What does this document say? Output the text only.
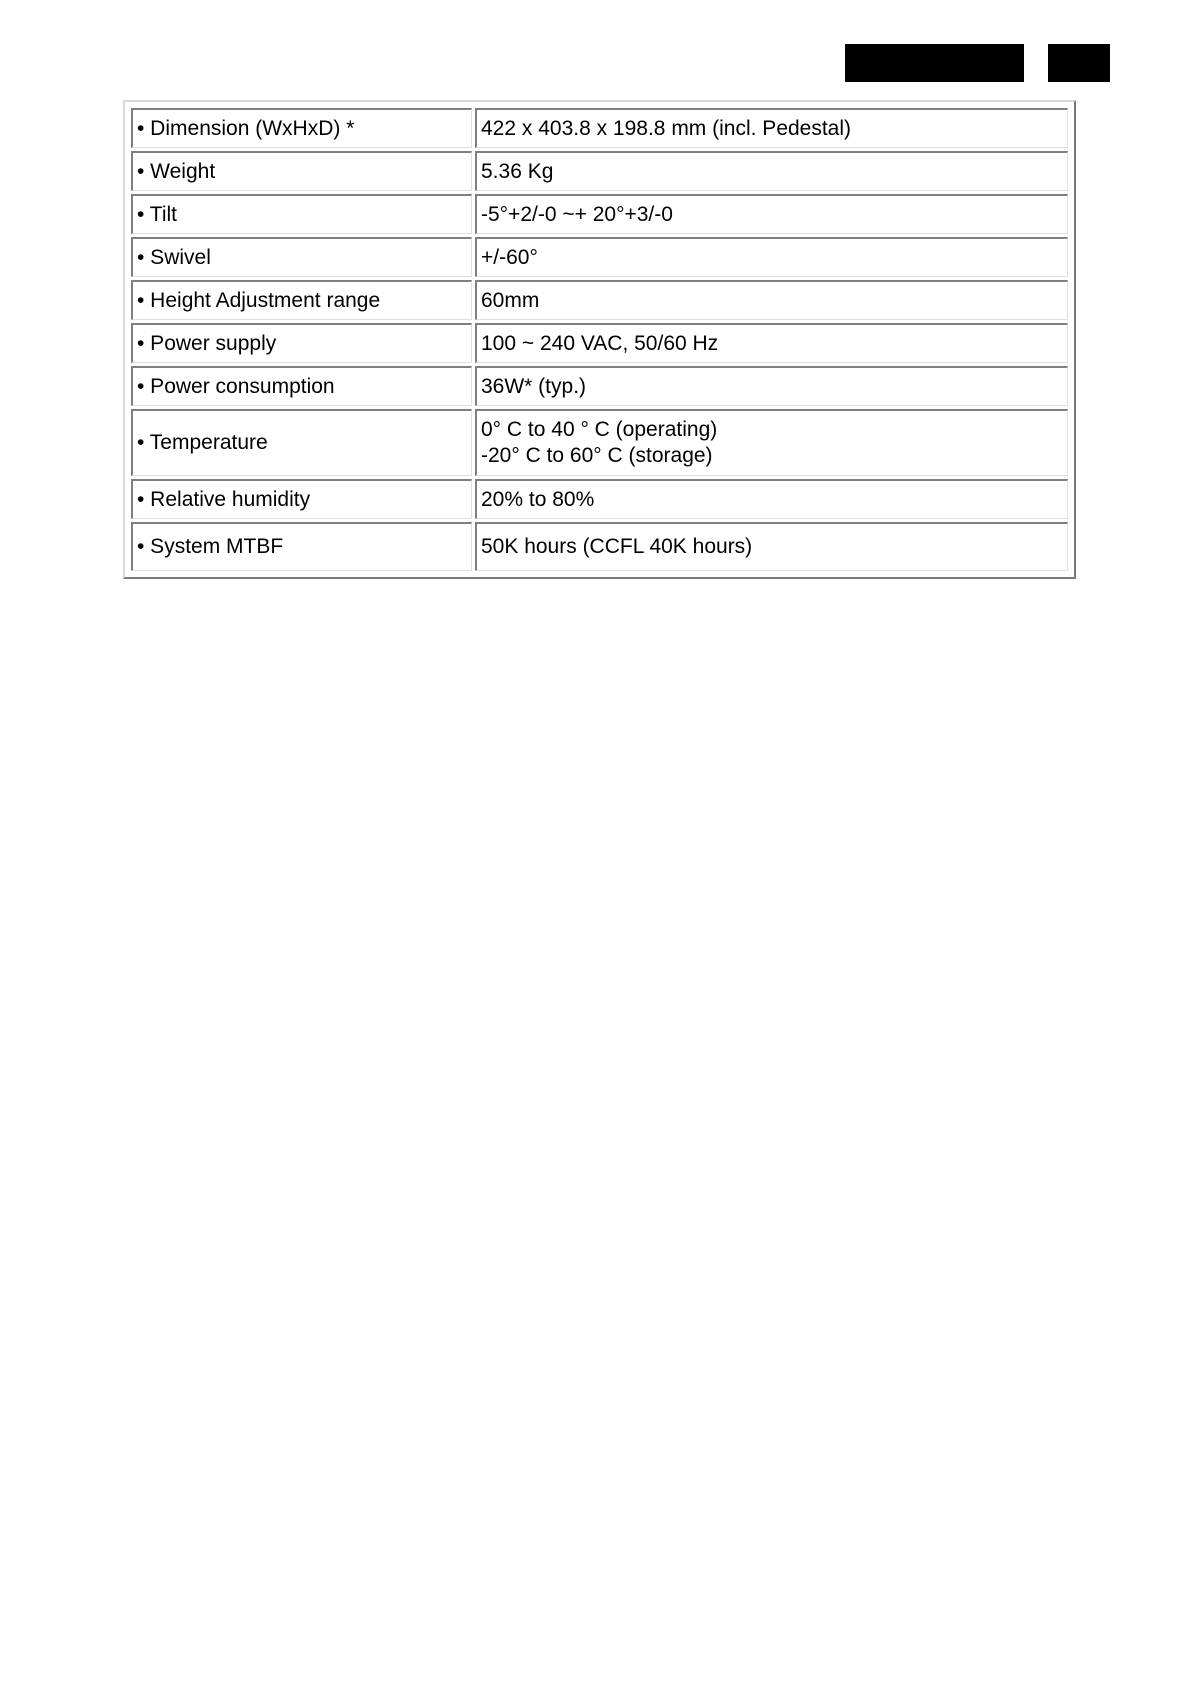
• Dimension (WxHxD) *	422 x 403.8 x 198.8 mm (incl. Pedestal)

• Weight	5.36 Kg

• Tilt	-5°+2/-0 ~+ 20°+3/-0

• Swivel	+/-60°

• Height Adjustment range	60mm

• Power supply	100 ~ 240 VAC, 50/60 Hz

• Power consumption	36W* (typ.)

• Temperature	0° C to 40 ° C (operating)
-20° C to 60° C (storage)

• Relative humidity	20% to 80%

• System MTBF	50K hours (CCFL 40K hours)
